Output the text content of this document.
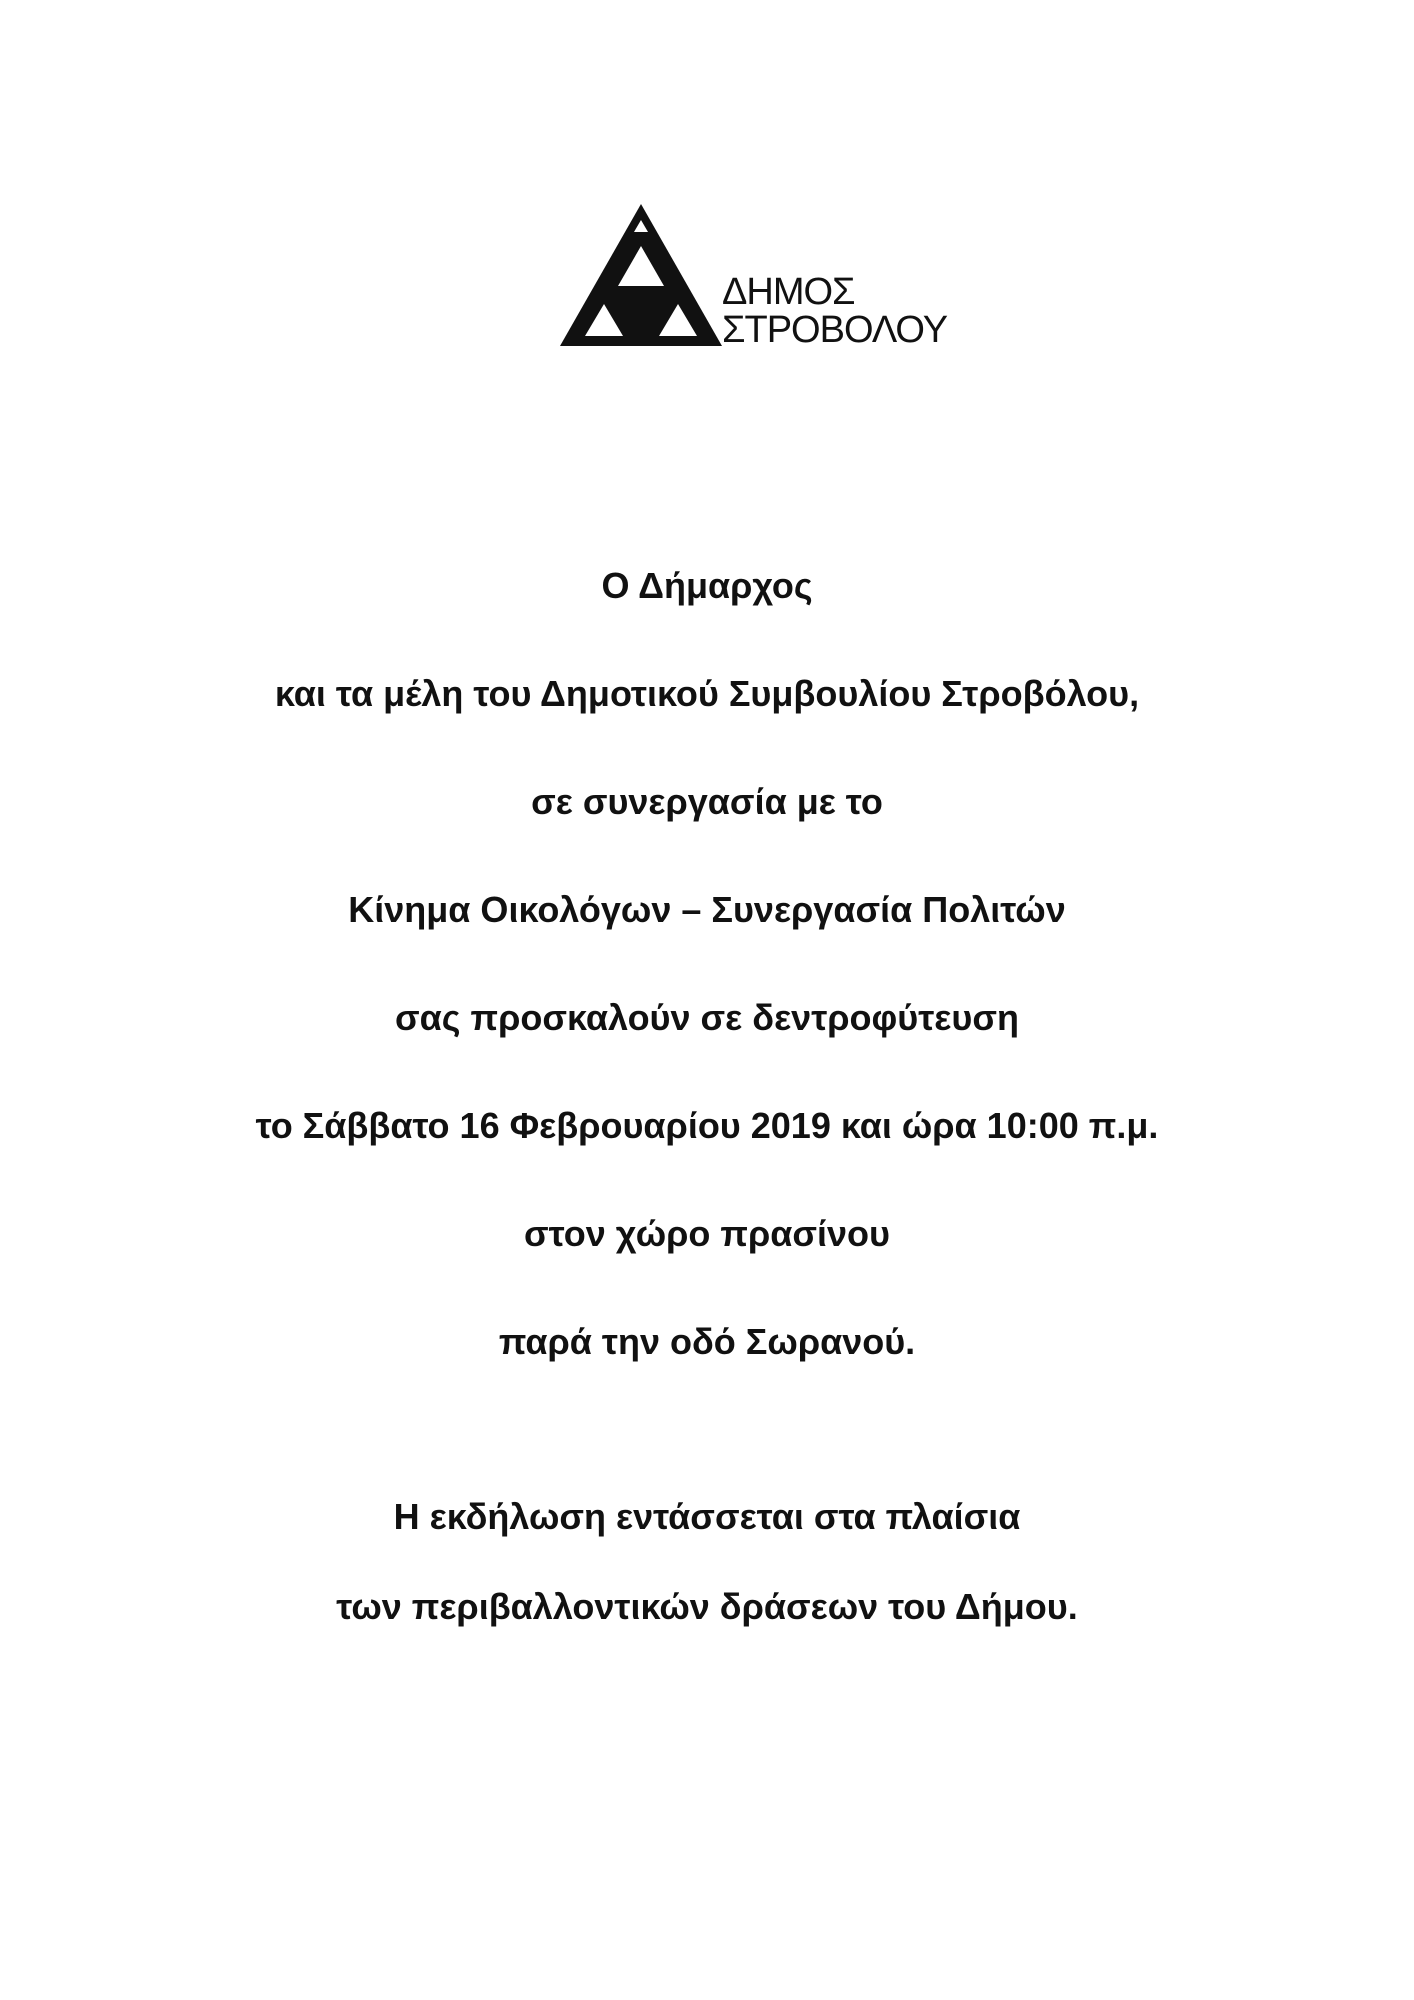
ΔΗΜΟΣ
ΣΤΡΟΒΟΛΟΥ
Ο Δήμαρχος
και τα μέλη του Δημοτικού Συμβουλίου Στροβόλου,
σε συνεργασία με το
Κίνημα Οικολόγων – Συνεργασία Πολιτών
σας προσκαλούν σε δεντροφύτευση
το Σάββατο 16 Φεβρουαρίου 2019 και ώρα 10:00 π.μ.
στον χώρο πρασίνου
παρά την οδό Σωρανού.
Η εκδήλωση εντάσσεται στα πλαίσια
των περιβαλλοντικών δράσεων του Δήμου.
